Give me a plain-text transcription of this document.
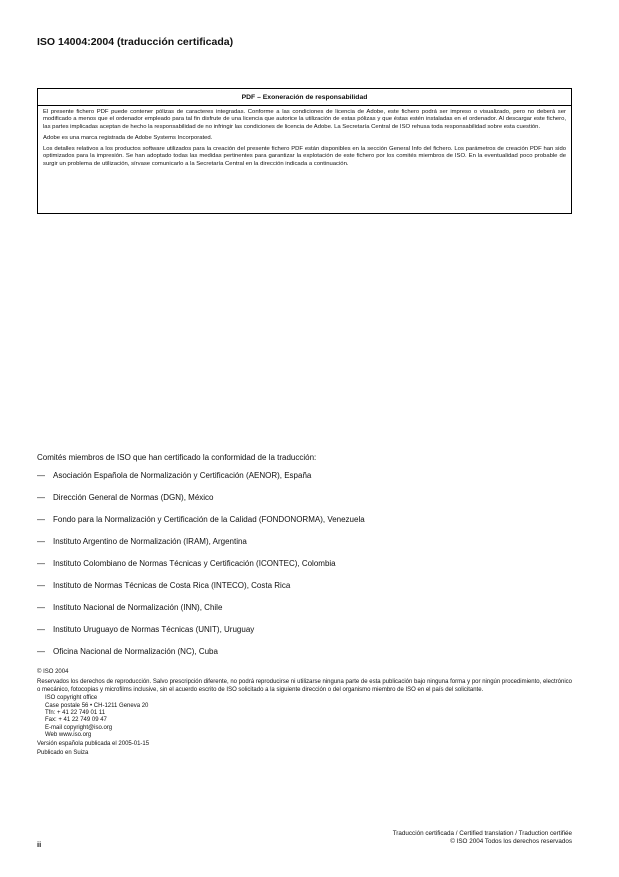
ISO 14004:2004 (traducción certificada)
PDF – Exoneración de responsabilidad

El presente fichero PDF puede contener pólizas de caracteres integradas. Conforme a las condiciones de licencia de Adobe, este fichero podrá ser impreso o visualizado, pero no deberá ser modificado a menos que el ordenador empleado para tal fin disfrute de una licencia que autorice la utilización de estas pólizas y que éstas estén instaladas en el ordenador. Al descargar este fichero, las partes implicadas aceptan de hecho la responsabilidad de no infringir las condiciones de licencia de Adobe. La Secretaría Central de ISO rehusa toda responsabilidad sobre esta cuestión.

Adobe es una marca registrada de Adobe Systems Incorporated.

Los detalles relativos a los productos software utilizados para la creación del presente fichero PDF están disponibles en la sección General Info del fichero. Los parámetros de creación PDF han sido optimizados para la impresión. Se han adoptado todas las medidas pertinentes para garantizar la explotación de este fichero por los comités miembros de ISO. En la eventualidad poco probable de surgir un problema de utilización, sírvase comunicarlo a la Secretaría Central en la dirección indicada a continuación.

Comités miembros de ISO que han certificado la conformidad de la traducción:
— Asociación Española de Normalización y Certificación (AENOR), España
— Dirección General de Normas (DGN), México
— Fondo para la Normalización y Certificación de la Calidad (FONDONORMA), Venezuela
— Instituto Argentino de Normalización (IRAM), Argentina
— Instituto Colombiano de Normas Técnicas y Certificación (ICONTEC), Colombia
— Instituto de Normas Técnicas de Costa Rica (INTECO), Costa Rica
— Instituto Nacional de Normalización (INN), Chile
— Instituto Uruguayo de Normas Técnicas (UNIT), Uruguay
— Oficina Nacional de Normalización (NC), Cuba

© ISO 2004

Reservados los derechos de reproducción. Salvo prescripción diferente, no podrá reproducirse ni utilizarse ninguna parte de esta publicación bajo ninguna forma y por ningún procedimiento, electrónico o mecánico, fotocopias y microfilms inclusive, sin el acuerdo escrito de ISO solicitado a la siguiente dirección o del organismo miembro de ISO en el país del solicitante.

ISO copyright office
Case postale 56 • CH-1211 Geneva 20
Tfn: + 41 22 749 01 11
Fax: + 41 22 749 09 47
E-mail copyright@iso.org
Web www.iso.org

Versión española publicada el 2005-01-15

Publicado en Suiza

ii
Traducción certificada / Certified translation / Traduction certifiée
© ISO 2004 Todos los derechos reservados
